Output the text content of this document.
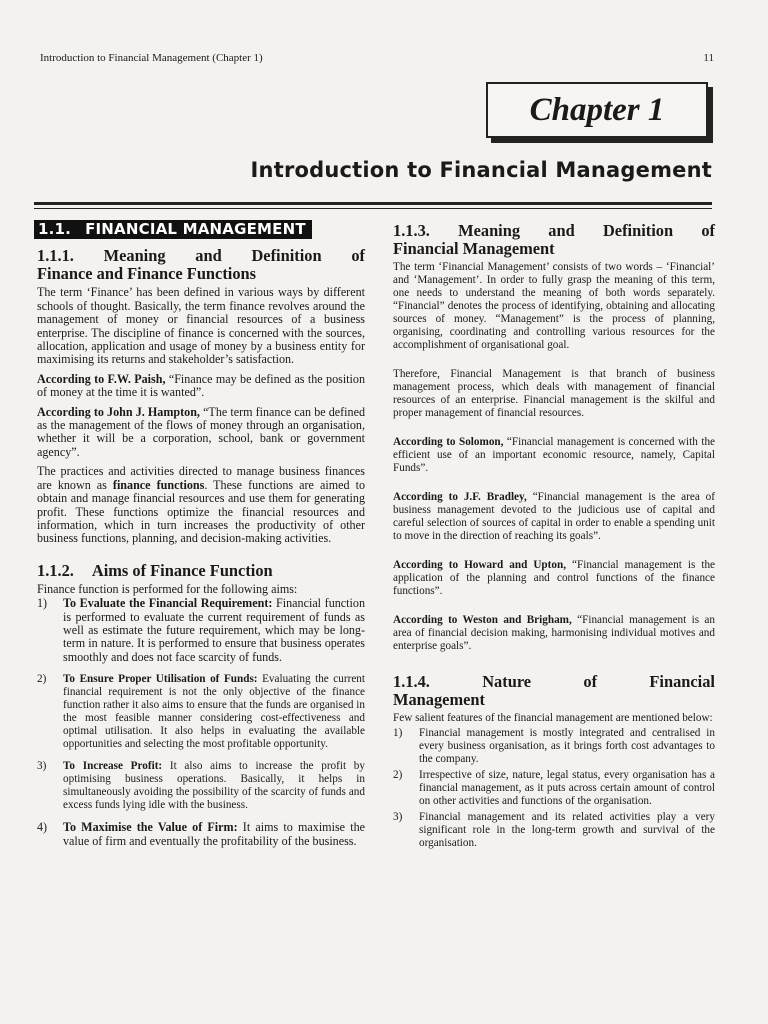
Introduction to Financial Management (Chapter 1)	11
Chapter 1
Introduction to Financial Management
1.1. FINANCIAL MANAGEMENT
1.1.1. Meaning and Definition of
Finance and Finance Functions

The term ‘Finance’ has been defined in various ways by different schools of thought. Basically, the term finance revolves around the management of money or financial resources of a business enterprise. The discipline of finance is concerned with the sources, allocation, application and usage of money by a business entity for maximising its returns and stakeholder’s satisfaction.

According to F.W. Paish, “Finance may be defined as the position of money at the time it is wanted”.

According to John J. Hampton, “The term finance can be defined as the management of the flows of money through an organisation, whether it will be a corporation, school, bank or government agency”.

The practices and activities directed to manage business finances are known as finance functions. These functions are aimed to obtain and manage financial resources and use them for generating profit. These functions optimize the financial resources and information, which in turn increases the productivity of other business functions, planning, and decision-making activities.

1.1.2. Aims of Finance Function

Finance function is performed for the following aims:

1)	To Evaluate the Financial Requirement: Financial function is performed to evaluate the current requirement of funds as well as estimate the future requirement, which may be long-term in nature. It is performed to ensure that business operates smoothly and does not face scarcity of funds.
2)	To Ensure Proper Utilisation of Funds: Evaluating the current financial requirement is not the only objective of the finance function rather it also aims to ensure that the funds are organised in the most feasible manner considering cost-effectiveness and optimal utilisation. It also helps in evaluating the available opportunities and selecting the most profitable opportunity.
3)	To Increase Profit: It also aims to increase the profit by optimising business operations. Basically, it helps in simultaneously avoiding the possibility of the scarcity of funds and excess funds lying idle with the business.
4)	To Maximise the Value of Firm: It aims to maximise the value of firm and eventually the profitability of the business.
1.1.3. Meaning and Definition of
Financial Management

The term ‘Financial Management’ consists of two words – ‘Financial’ and ‘Management’. In order to fully grasp the meaning of this term, one needs to understand the meaning of both words separately. “Financial” denotes the process of identifying, obtaining and allocating sources of money. “Management” is the process of planning, organising, coordinating and controlling various resources for the accomplishment of organisational goal.

Therefore, Financial Management is that branch of business management process, which deals with management of financial resources of an enterprise. Financial management is the skilful and proper management of financial resources.

According to Solomon, “Financial management is concerned with the efficient use of an important economic resource, namely, Capital Funds”.

According to J.F. Bradley, “Financial management is the area of business management devoted to the judicious use of capital and careful selection of sources of capital in order to enable a spending unit to move in the direction of reaching its goals”.

According to Howard and Upton, “Financial management is the application of the planning and control functions of the finance functions”.

According to Weston and Brigham, “Financial management is an area of financial decision making, harmonising individual motives and enterprise goals”.

1.1.4.	Nature	of	Financial
Management

Few salient features of the financial management are mentioned below:

1)	Financial management is mostly integrated and centralised in every business organisation, as it brings forth cost advantages to the company.
2)	Irrespective of size, nature, legal status, every organisation has a financial management, as it puts across certain amount of control on other activities and functions of the organisation.
3)	Financial management and its related activities play a very significant role in the long-term growth and survival of the organisation.
